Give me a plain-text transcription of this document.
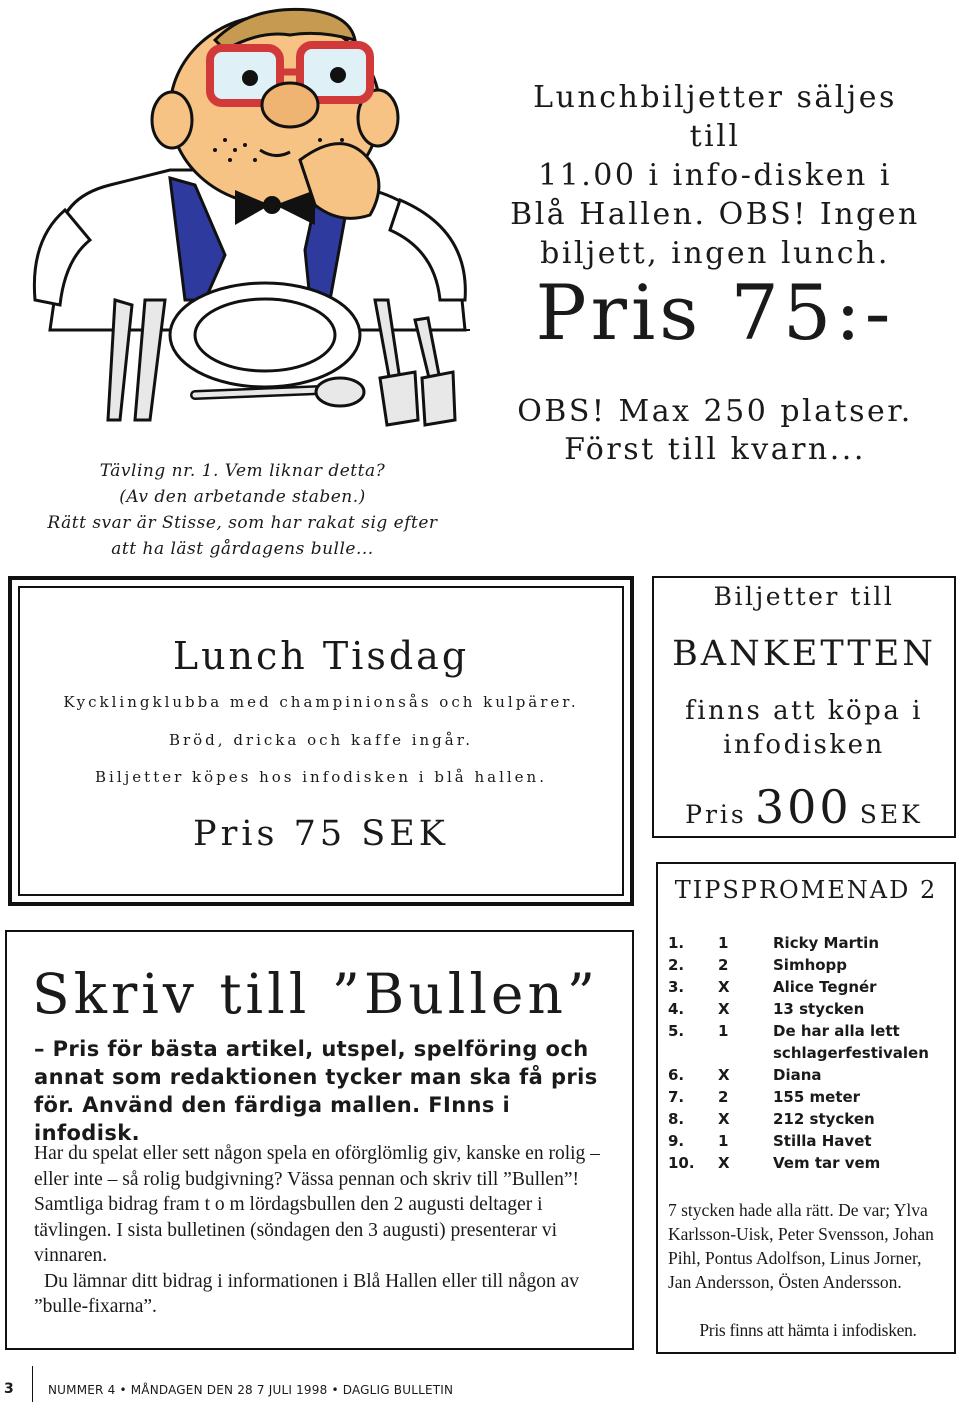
Tävling nr. 1. Vem liknar detta?
(Av den arbetande staben.)
Rätt svar är Stisse, som har rakat sig efter
att ha läst gårdagens bulle...
Lunchbiljetter säljes till
11.00 i info-disken i
Blå Hallen. OBS! Ingen
biljett, ingen lunch.
Pris 75:-
OBS! Max 250 platser.
Först till kvarn...
Lunch Tisdag
Kycklingklubba med champinionsås och kulpärer.
Bröd, dricka och kaffe ingår.
Biljetter köpes hos infodisken i blå hallen.
Pris 75 SEK
Biljetter till
BANKETTEN
finns att köpa i
infodisken
Pris 300 SEK
TIPSPROMENAD 2
1.	1	Ricky Martin
2.	2	Simhopp
3.	X	Alice Tegnér
4.	X	13 stycken
5.	1	De har alla lett schlagerfestivalen
6.	X	Diana
7.	2	155 meter
8.	X	212 stycken
9.	1	Stilla Havet
10.	X	Vem tar vem
7 stycken hade alla rätt. De var; Ylva Karlsson-Uisk, Peter Svensson, Johan Pihl, Pontus Adolfson, Linus Jorner, Jan Andersson, Östen Andersson.
Pris finns att hämta i infodisken.
Skriv till ”Bullen”
– Pris för bästa artikel, utspel, spelföring och annat som redaktionen tycker man ska få pris för. Använd den färdiga mallen. FInns i infodisk.

Har du spelat eller sett någon spela en oförglömlig giv, kanske en rolig – eller inte – så rolig budgivning? Vässa pennan och skriv till ”Bullen”! Samtliga bidrag fram t o m lördagsbullen den 2 augusti deltager i tävlingen. I sista bulletinen (söndagen den 3 augusti) presenterar vi vinnaren.

Du lämnar ditt bidrag i informationen i Blå Hallen eller till någon av ”bulle-fixarna”.

3	NUMMER 4 • MÅNDAGEN DEN 28 7 JULI 1998 • DAGLIG BULLETIN
